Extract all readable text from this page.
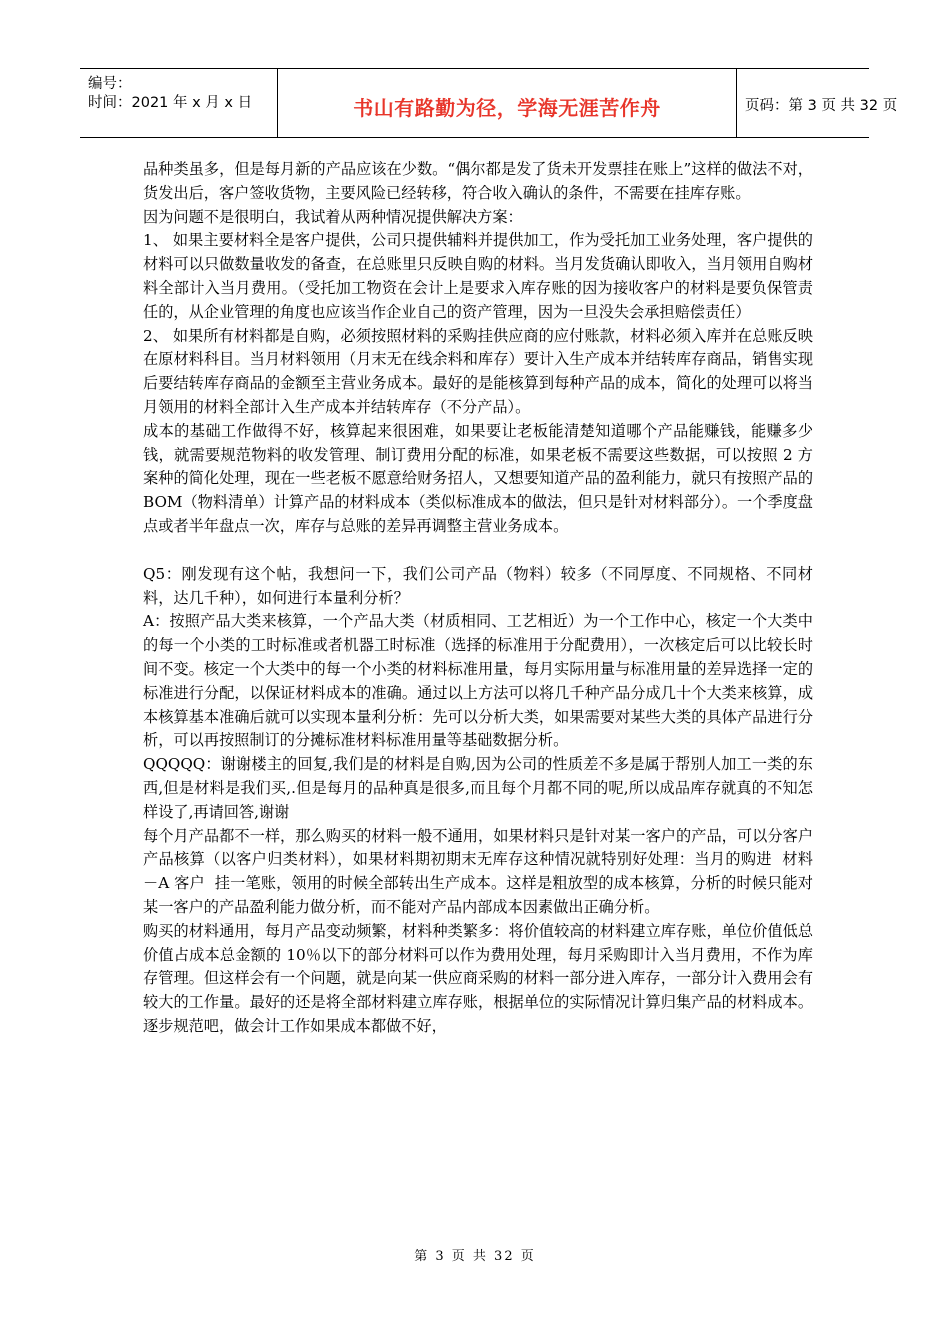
编号：
时间：2021 年 x 月 x 日	书山有路勤为径，学海无涯苦作舟	页码：第 3 页 共 32 页

品种类虽多，但是每月新的产品应该在少数。“偶尔都是发了货未开发票挂在账上”这样的做法不对，货发出后，客户签收货物，主要风险已经转移，符合收入确认的条件，不需要在挂库存账。

因为问题不是很明白，我试着从两种情况提供解决方案：

1、 如果主要材料全是客户提供，公司只提供辅料并提供加工，作为受托加工业务处理，客户提供的材料可以只做数量收发的备查，在总账里只反映自购的材料。当月发货确认即收入，当月领用自购材料全部计入当月费用。（受托加工物资在会计上是要求入库存账的因为接收客户的材料是要负保管责任的，从企业管理的角度也应该当作企业自己的资产管理，因为一旦没失会承担赔偿责任）

2、 如果所有材料都是自购，必须按照材料的采购挂供应商的应付账款，材料必须入库并在总账反映在原材料科目。当月材料领用（月末无在线余料和库存）要计入生产成本并结转库存商品，销售实现后要结转库存商品的金额至主营业务成本。最好的是能核算到每种产品的成本，简化的处理可以将当月领用的材料全部计入生产成本并结转库存（不分产品）。

成本的基础工作做得不好，核算起来很困难，如果要让老板能清楚知道哪个产品能赚钱，能赚多少钱，就需要规范物料的收发管理、制订费用分配的标准，如果老板不需要这些数据，可以按照 2 方案种的简化处理，现在一些老板不愿意给财务招人，又想要知道产品的盈利能力，就只有按照产品的 BOM（物料清单）计算产品的材料成本（类似标准成本的做法，但只是针对材料部分）。一个季度盘点或者半年盘点一次，库存与总账的差异再调整主营业务成本。

Q5：刚发现有这个帖，我想问一下，我们公司产品（物料）较多（不同厚度、不同规格、不同材料，达几千种），如何进行本量利分析？

A：按照产品大类来核算，一个产品大类（材质相同、工艺相近）为一个工作中心，核定一个大类中的每一个小类的工时标准或者机器工时标准（选择的标准用于分配费用），一次核定后可以比较长时间不变。核定一个大类中的每一个小类的材料标准用量，每月实际用量与标准用量的差异选择一定的标准进行分配，以保证材料成本的准确。通过以上方法可以将几千种产品分成几十个大类来核算，成本核算基本准确后就可以实现本量利分析：先可以分析大类，如果需要对某些大类的具体产品进行分析，可以再按照制订的分摊标准材料标准用量等基础数据分析。

QQQQQ：谢谢楼主的回复,我们是的材料是自购,因为公司的性质差不多是属于帮别人加工一类的东西,但是材料是我们买,.但是每月的品种真是很多,而且每个月都不同的呢,所以成品库存就真的不知怎样设了,再请回答,谢谢

每个月产品都不一样，那么购买的材料一般不通用，如果材料只是针对某一客户的产品，可以分客户产品核算（以客户归类材料），如果材料期初期末无库存这种情况就特别好处理：当月的购进  材料－A 客户  挂一笔账，领用的时候全部转出生产成本。这样是粗放型的成本核算，分析的时候只能对某一客户的产品盈利能力做分析，而不能对产品内部成本因素做出正确分析。

购买的材料通用，每月产品变动频繁，材料种类繁多：将价值较高的材料建立库存账，单位价值低总价值占成本总金额的 10％以下的部分材料可以作为费用处理，每月采购即计入当月费用，不作为库存管理。但这样会有一个问题，就是向某一供应商采购的材料一部分进入库存，一部分计入费用会有较大的工作量。最好的还是将全部材料建立库存账，根据单位的实际情况计算归集产品的材料成本。逐步规范吧，做会计工作如果成本都做不好，

第 3 页 共 32 页
